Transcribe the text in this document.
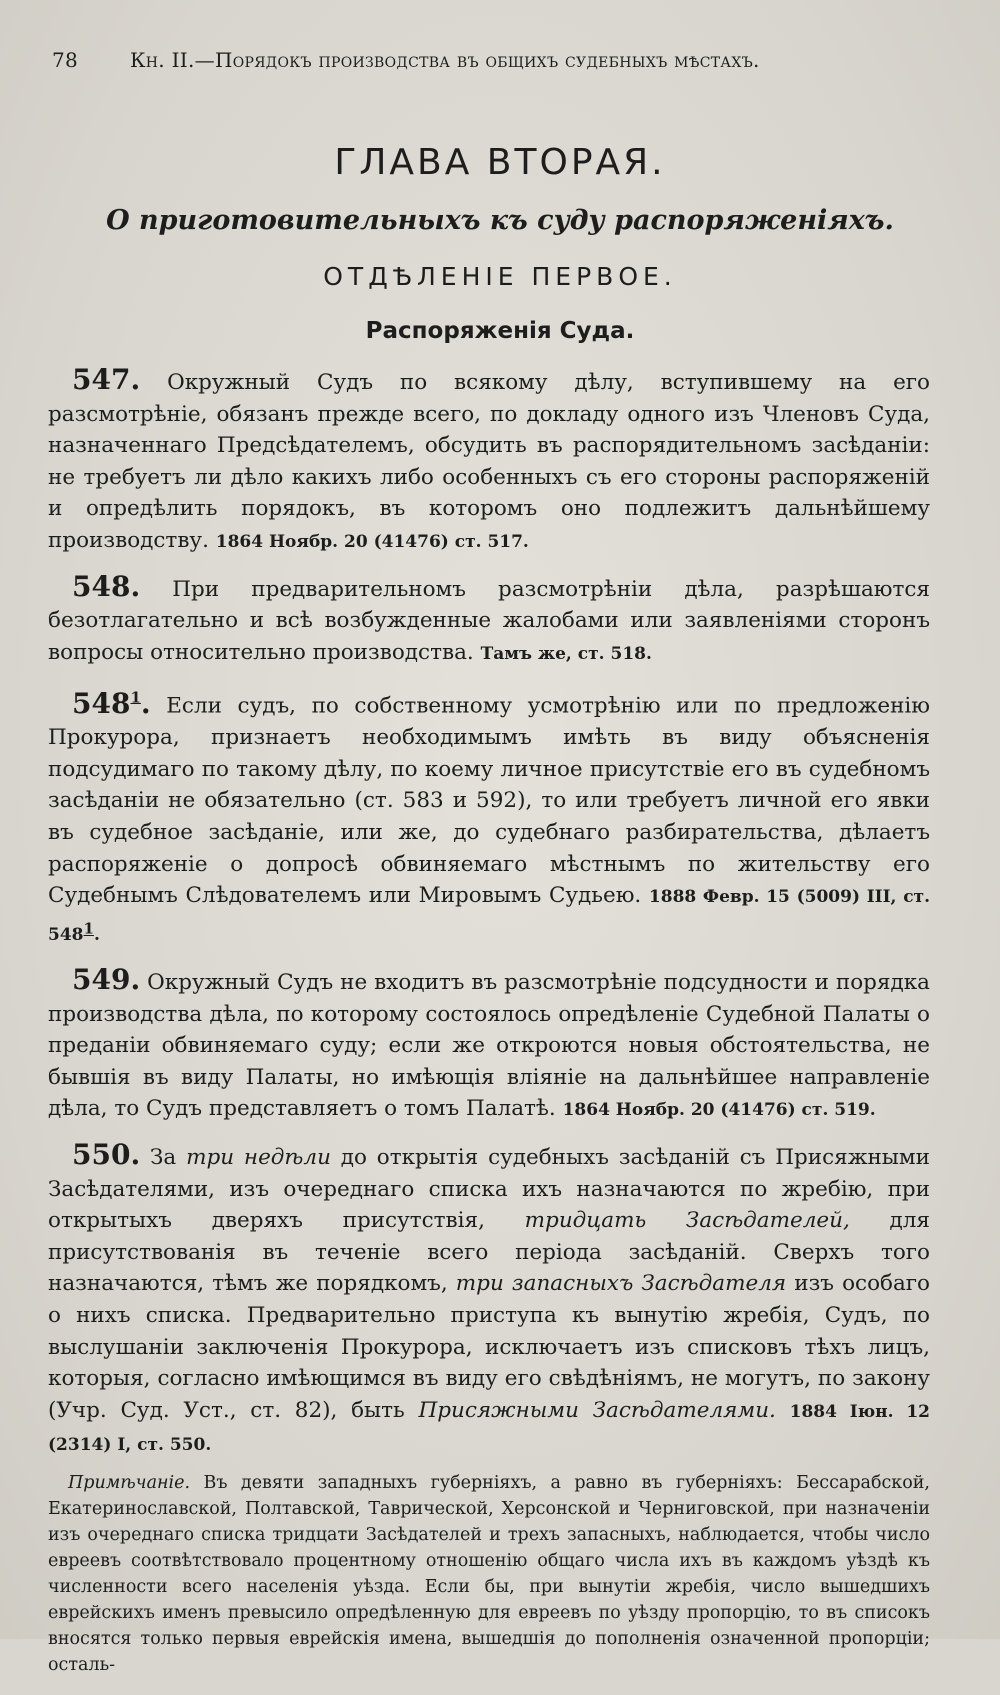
78	Кн. II.—Порядокъ производства въ общихъ судебныхъ мѣстахъ.
ГЛАВА ВТОРАЯ.
О приготовительныхъ къ суду распоряженіяхъ.
ОТДѢЛЕНІЕ ПЕРВОЕ.
Распоряженія Суда.

547. Окружный Судъ по всякому дѣлу, вступившему на его разсмотрѣніе, обязанъ прежде всего, по докладу одного изъ Членовъ Суда, назначеннаго Предсѣдателемъ, обсудить въ распорядительномъ засѣданіи: не требуетъ ли дѣло какихъ либо особенныхъ съ его стороны распоряженій и опредѣлить порядокъ, въ которомъ оно подлежитъ дальнѣйшему производству. 1864 Ноябр. 20 (41476) ст. 517.

548. При предварительномъ разсмотрѣніи дѣла, разрѣшаются безотлагательно и всѣ возбужденные жалобами или заявленіями сторонъ вопросы относительно производства. Тамъ же, ст. 518.

$548^1$. Если судъ, по собственному усмотрѣнію или по предложенію Прокурора, признаетъ необходимымъ имѣть въ виду объясненія подсудимаго по такому дѣлу, по коему личное присутствіе его въ судебномъ засѣданіи не обязательно (ст. 583 и 592), то или требуетъ личной его явки въ судебное засѣданіе, или же, до судебнаго разбирательства, дѣлаетъ распоряженіе о допросѣ обвиняемаго мѣстнымъ по жительству его Судебнымъ Слѣдователемъ или Мировымъ Судьею. 1888 Февр. 15 (5009) III, ст. 5481.

549. Окружный Судъ не входитъ въ разсмотрѣніе подсудности и порядка производства дѣла, по которому состоялось опредѣленіе Судебной Палаты о преданіи обвиняемаго суду; если же откроются новыя обстоятельства, не бывшія въ виду Палаты, но имѣющія вліяніе на дальнѣйшее направленіе дѣла, то Судъ представляетъ о томъ Палатѣ. 1864 Ноябр. 20 (41476) ст. 519.

550. За три недѣли до открытія судебныхъ засѣданій съ Присяжными Засѣдателями, изъ очереднаго списка ихъ назначаются по жребію, при открытыхъ дверяхъ присутствія, тридцать Засѣдателей, для присутствованія въ теченіе всего періода засѣданій. Сверхъ того назначаются, тѣмъ же порядкомъ, три запасныхъ Засѣдателя изъ особаго о нихъ списка. Предварительно приступа къ вынутію жребія, Судъ, по выслушаніи заключенія Прокурора, исключаетъ изъ списковъ тѣхъ лицъ, которыя, согласно имѣющимся въ виду его свѣдѣніямъ, не могутъ, по закону (Учр. Суд. Уст., ст. 82), быть Присяжными Засѣдателями. 1884 Іюн. 12 (2314) I, ст. 550.

Примѣчаніе. Въ девяти западныхъ губерніяхъ, а равно въ губерніяхъ: Бессарабской, Екатеринославской, Полтавской, Таврической, Херсонской и Черниговской, при назначеніи изъ очереднаго списка тридцати Засѣдателей и трехъ запасныхъ, наблюдается, чтобы число евреевъ соотвѣтствовало процентному отношенію общаго числа ихъ въ каждомъ уѣздѣ къ численности всего населенія уѣзда. Если бы, при вынутіи жребія, число вышедшихъ еврейскихъ именъ превысило опредѣленную для евреевъ по уѣзду пропорцію, то въ списокъ вносятся только первыя еврейскія имена, вышедшія до пополненія означенной пропорціи; осталь-
